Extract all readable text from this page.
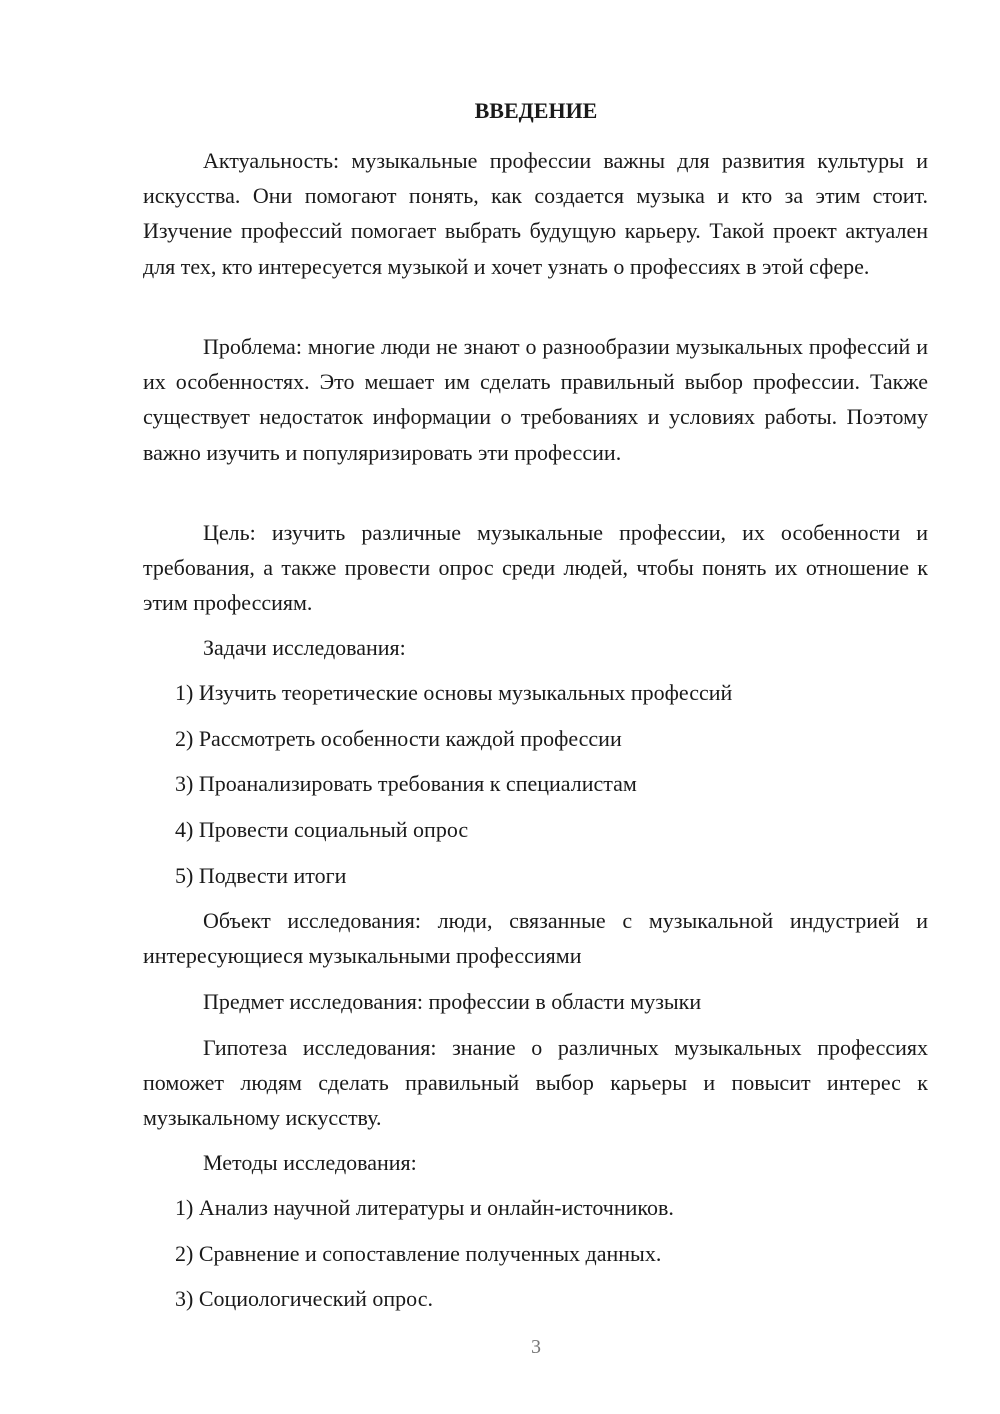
ВВЕДЕНИЕ

Актуальность: музыкальные профессии важны для развития культуры и искусства. Они помогают понять, как создается музыка и кто за этим стоит. Изучение профессий помогает выбрать будущую карьеру. Такой проект актуален для тех, кто интересуется музыкой и хочет узнать о профессиях в этой сфере.

Проблема: многие люди не знают о разнообразии музыкальных профессий и их особенностях. Это мешает им сделать правильный выбор профессии. Также существует недостаток информации о требованиях и условиях работы. Поэтому важно изучить и популяризировать эти профессии.

Цель: изучить различные музыкальные профессии, их особенности и требования, а также провести опрос среди людей, чтобы понять их отношение к этим профессиям.

Задачи исследования:

1) Изучить теоретические основы музыкальных профессий

2) Рассмотреть особенности каждой профессии

3) Проанализировать требования к специалистам

4) Провести социальный опрос

5) Подвести итоги

Объект исследования: люди, связанные с музыкальной индустрией и интересующиеся музыкальными профессиями

Предмет исследования: профессии в области музыки

Гипотеза исследования: знание о различных музыкальных профессиях поможет людям сделать правильный выбор карьеры и повысит интерес к музыкальному искусству.

Методы исследования:

1) Анализ научной литературы и онлайн-источников.

2) Сравнение и сопоставление полученных данных.

3) Социологический опрос.

3
